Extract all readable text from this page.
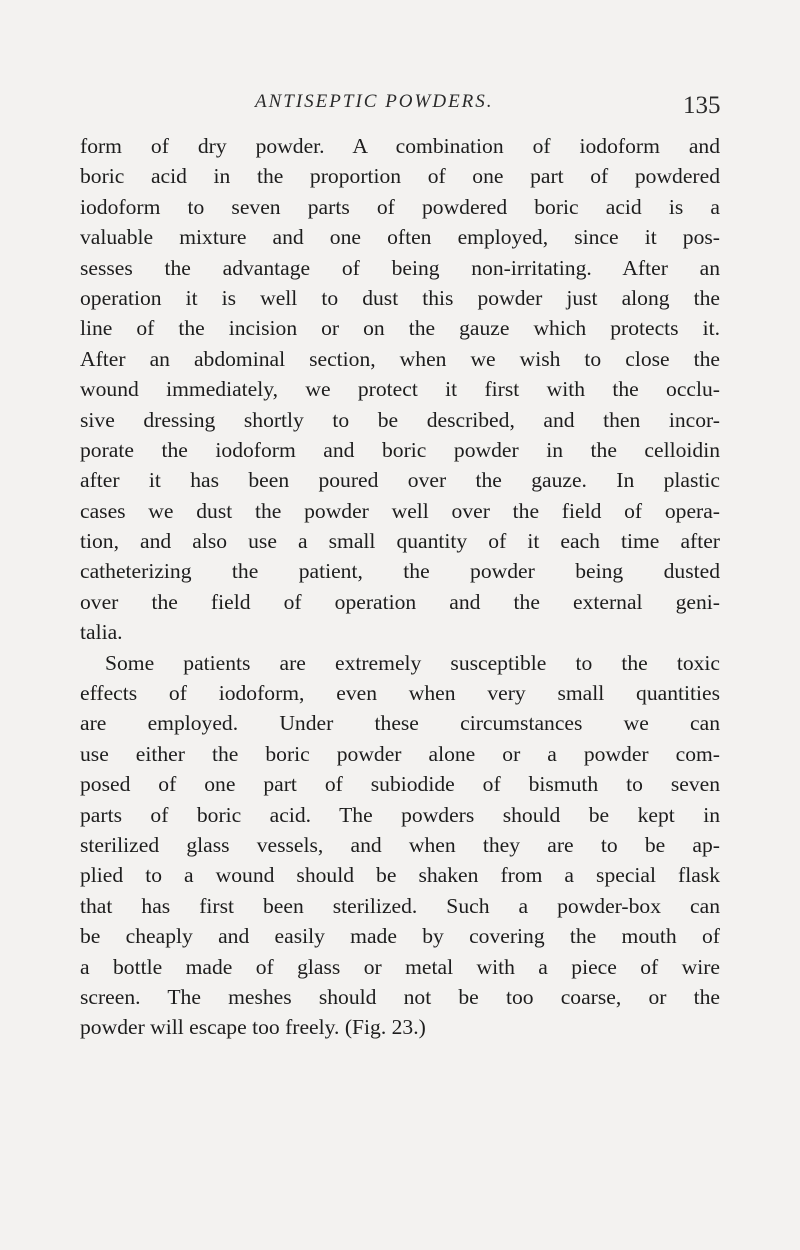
ANTISEPTIC POWDERS.	135
form of dry powder. A combination of iodoform and
boric acid in the proportion of one part of powdered
iodoform to seven parts of powdered boric acid is a
valuable mixture and one often employed, since it pos-
sesses the advantage of being non-irritating. After an
operation it is well to dust this powder just along the
line of the incision or on the gauze which protects it.
After an abdominal section, when we wish to close the
wound immediately, we protect it first with the occlu-
sive dressing shortly to be described, and then incor-
porate the iodoform and boric powder in the celloidin
after it has been poured over the gauze. In plastic
cases we dust the powder well over the field of opera-
tion, and also use a small quantity of it each time after
catheterizing the patient, the powder being dusted
over the field of operation and the external geni-
talia.
Some patients are extremely susceptible to the toxic
effects of iodoform, even when very small quantities
are employed. Under these circumstances we can
use either the boric powder alone or a powder com-
posed of one part of subiodide of bismuth to seven
parts of boric acid. The powders should be kept in
sterilized glass vessels, and when they are to be ap-
plied to a wound should be shaken from a special flask
that has first been sterilized. Such a powder-box can
be cheaply and easily made by covering the mouth of
a bottle made of glass or metal with a piece of wire
screen. The meshes should not be too coarse, or the
powder will escape too freely. (Fig. 23.)
